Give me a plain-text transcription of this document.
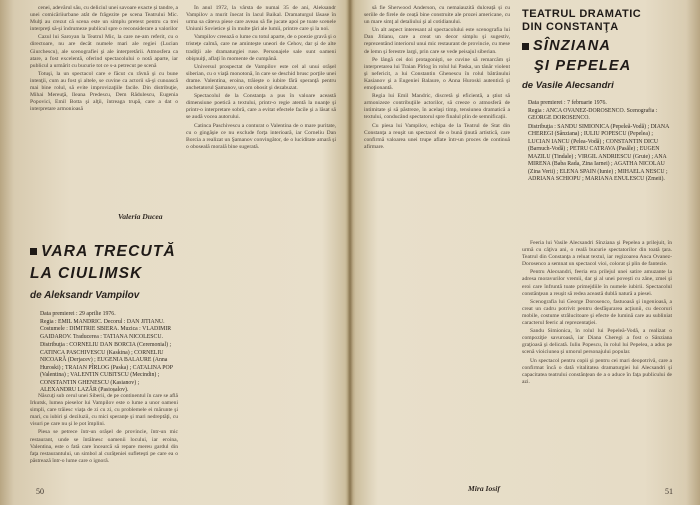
cenei, adevărul său, cu deliciul unei savoare exacte și tandre, a unei comicăriiurbane atât de frăgezite pe scena Teatrului Mic. Mulţi au crezut că scena este un simplu pretext pentru ca trei interpreţi să-şi îndrumeze publicul spre o reconsiderare a valorilor

Cazul lui Saroyan la Teatrul Mic, la care ne-am referit, cu o directoare, nu are decât numele mari ale regiei (Lucian Giurchescu), ale scenografiei şi ale interpretării. Atmosfera ca atare, a fost excelentă, oferind spectacolului o notă aparte, iar publicul a urmărit cu bucurie tot ce s-a petrecut pe scenă

Totuşi, la un spectacol care e făcut cu râvnă şi cu bune intenţii, cum au fost şi altele, se cuvine ca actorii să-şi cunoască mai bine rolul, să evite improvizaţiile facile. Din distribuţie, Mihai Mereuţă, Ileana Predescu, Dem Rădulescu, Eugenia Popovici, Emil Botta şi alţii, întreaga trupă, care a dat o interpretare armonioasă

Valeria Ducea
VARA TRECUTĂ
LA CIULIMSK
de Aleksandr Vampilov
Data premierei : 29 aprilie 1976.
Regia : EMIL MANDRIC. Decorul : DAN JITIANU. Costumele : DIMITRIE SBIERA. Muzica : VLADIMIR GAIDAROV. Traducerea : TATIANA NICOLESCU.
Distribuţia : CORNELIU DAN BORCIA (Ceremonial) ; CATINCA PASCHIVESCU (Kaskina) ; CORNELIU NICOARĂ (Derjacev) ; EUGENIA BALAURE (Anna Huroski) ; TRAIAN PÎRLOG (Paska) ; CATALINA POP (Valentina) ; VALENTIN CUBITSCU (Mecindin) ; CONSTANTIN GHENESCU (Kasianov) ; ALEXANDRU LAZĂR (Pasioșalov).

Născuţi sub cerul unei Siberii, de pe continentul în care se află Irkutsk, lumea pieselor lui Vampilov este o lume a unor oameni simpli, care trăiesc viaţa de zi cu zi, cu problemele ei mărunte şi mari, cu iubiri şi deziluzii, cu mici speranţe şi mari nedreptăţi, cu visuri pe care nu şi le pot împlini.

Piesa se petrece într-un orășel de provincie, într-un mic restaurant, unde se întâlnesc oamenii locului, iar eroina, Valentina, este o fată care încearcă să repare mereu gardul din faţa restaurantului, un simbol al curăţeniei sufleteşti pe care ea o păstrează într-o lume care o ignoră.

În anul 1972, la vârsta de numai 35 de ani, Aleksandr Vampilov a murit înecat în lacul Baikal. Dramaturgul lăsase în urma sa câteva piese care aveau să fie jucate apoi pe toate scenele Uniunii Sovietice şi în multe ţări ale lumii, printre care şi la noi.

Vampilov creează o lume cu totul aparte, de o poezie gravă şi o tristeţe calmă, care ne aminteşte uneori de Cehov, dar şi de alte tradiţii ale dramaturgiei ruse. Personajele sale sunt oameni obişnuiţi, aflaţi în momente de cumpănă.

Universul prospectat de Vampilov este cel al unui orășel siberian, cu o viaţă monotonă, în care se deschid brusc porţile unei drame. Valentina, eroina, trăieşte o iubire fără speranţă pentru anchetatorul Şamanov, un om obosit şi dezabuzat.

Spectacolul de la Constanţa a pus în valoare această dimensiune poetică a textului, printr-o regie atentă la nuanţe şi printr-o interpretare sobră, care a evitat efectele facile şi a lăsat să se audă vocea autorului.

Catinca Paschivescu a conturat o Valentina de o mare puritate, cu o gingăşie ce nu exclude forţa interioară, iar Corneliu Dan Borcia a realizat un Şamanov convingător, de o luciditate amară şi o oboseală morală bine sugerată.

50

să fie Sherwood Anderson, cu nemaiauzită dulceață și cu seriile de firele de ceață bine construite ale prozei americane, cu un mare simţ al detaliului şi al cotidianului.

Un alt aspect interesant al spectacolului este scenografia lui Dan Jitianu, care a creat un decor simplu şi sugestiv, reprezentând interiorul unui mic restaurant de provincie, cu mese de lemn şi ferestre largi, prin care se vede peisajul siberian.

Pe lângă cei doi protagonişti, se cuvine să remarcăm şi interpretarea lui Traian Pîrlog în rolul lui Paska, un tânăr violent şi nefericit, a lui Constantin Ghenescu în rolul bătrânului Kasianov şi a Eugeniei Balaure, o Anna Huroski autentică şi emoţionantă.

Regia lui Emil Mandric, discretă şi eficientă, a ştiut să armonizeze contribuţiile actorilor, să creeze o atmosferă de intimitate şi să păstreze, în acelaşi timp, tensiunea dramatică a textului, conducând spectatorul spre finalul plin de semnificaţii.

Cu piesa lui Vampilov, echipa de la Teatrul de Stat din Constanţa a reuşit un spectacol de o bună ţinută artistică, care confirmă valoarea unei trupe aflate într-un proces de continuă afirmare.

Mira Iosif
TEATRUL DRAMATIC DIN CONSTANŢA
SÎNZIANA
ŞI PEPELEA
de Vasile Alecsandri
Data premierei : 7 februarie 1976.
Regia : ANCA OVANEZ-DOROSENCO. Scenografia : GEORGE DOROSENCO.
Distribuţia : SANDU SIMIONICA (Pepeleă-Vodă) ; DIANA CHEREGI (Sânziana) ; IULIU POPESCU (Pepelea) ; LUCIAN IANCU (Pelea-Vodă) ; CONSTANTIN DICU (Barnuch-Vodă) ; PETRU CATRAVA (Pasăle) ; EUGEN MAZILU (Tindale) ; VIRGIL ANDRIESCU (Gruie) ; ANA MIRENA (Baba Rada, Zina Iarnei) ; AGATHA NICOLAU (Zina Verii) ; ELENA SPAIN (Iunie) ; MIHAELA NESCU ; ADRIANA SCHIOPU ; MARIANA ENULESCU (Zmeii).

Feeria lui Vasile Alecsandri Sînziana şi Pepelea a prilejuit, în urmă cu câţiva ani, o reală bucurie spectatorilor din toată ţara. Teatrul din Constanţa a reluat textul, iar regizoarea Anca Ovanez-Dorosenco a semnat un spectacol vioi, colorat şi plin de fantezie.

Pentru Alecsandri, feeria era prilejul unei satire amuzante la adresa moravurilor vremii, dar şi al unei poveşti cu zâne, zmei şi eroi care înfruntă toate primejdiile în numele iubirii. Spectacolul constănţean a reuşit să redea această dublă natură a piesei.

Scenografia lui George Dorosenco, fastuoasă şi ingenioasă, a creat un cadru potrivit pentru desfăşurarea acţiunii, cu decoruri mobile, costume strălucitoare şi efecte de lumină care au subliniat caracterul feeric al reprezentaţiei.

Sandu Simionica, în rolul lui Pepeleă-Vodă, a realizat o compoziţie savuroasă, iar Diana Cheregi a fost o Sânziana graţioasă şi delicată. Iuliu Popescu, în rolul lui Pepelea, a adus pe scenă vioiciunea şi umorul personajului popular.

Un spectacol pentru copii şi pentru cei mari deopotrivă, care a confirmat încă o dată vitalitatea dramaturgiei lui Alecsandri şi capacitatea teatrului constănţean de a o aduce în faţa publicului de azi.

51
